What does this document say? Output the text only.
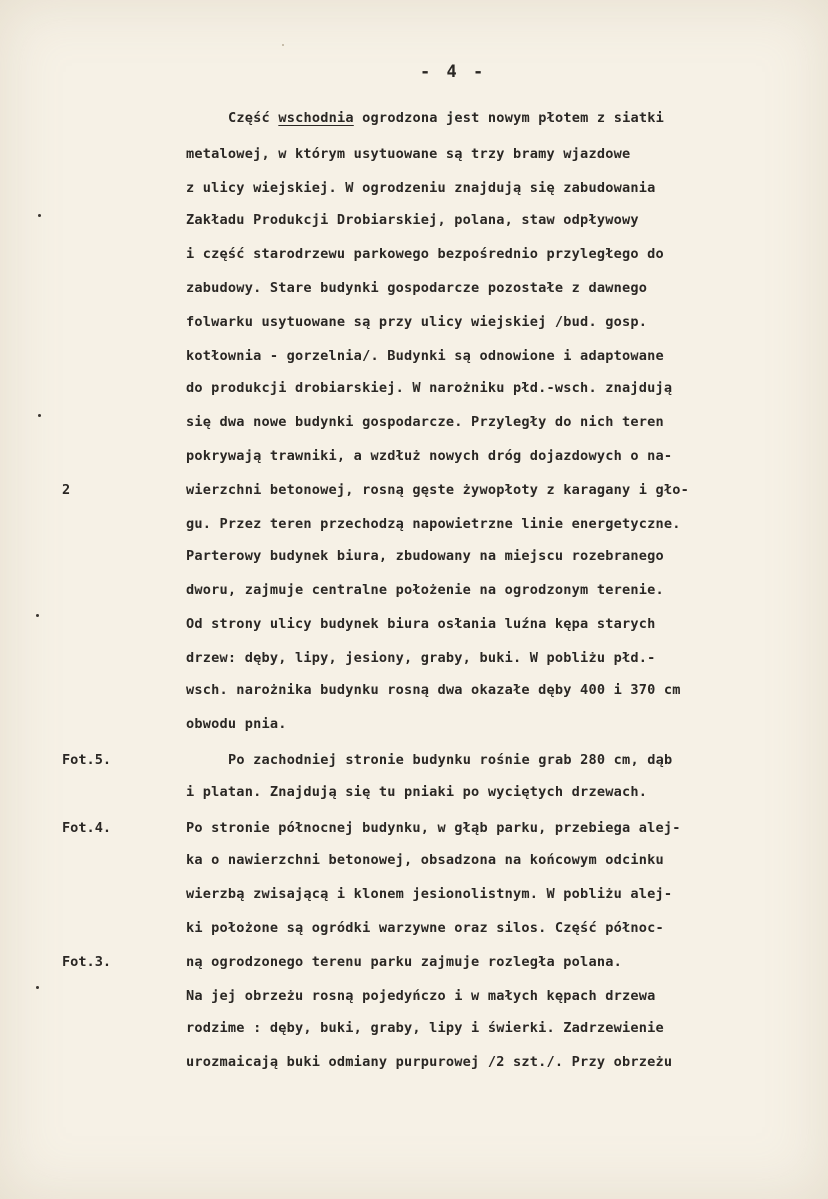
- 4 -
Część wschodnia ogrodzona jest nowym płotem z siatki
metalowej, w którym usytuowane są trzy bramy wjazdowe
z ulicy wiejskiej. W ogrodzeniu znajdują się zabudowania
Zakładu Produkcji Drobiarskiej, polana, staw odpływowy
i część starodrzewu parkowego bezpośrednio przyległego do
zabudowy. Stare budynki gospodarcze pozostałe z dawnego
folwarku usytuowane są przy ulicy wiejskiej /bud. gosp.
kotłownia - gorzelnia/. Budynki są odnowione i adaptowane
do produkcji drobiarskiej. W narożniku płd.-wsch. znajdują
się dwa nowe budynki gospodarcze. Przyległy do nich teren
pokrywają trawniki, a wzdłuż nowych dróg dojazdowych o na-
2	wierzchni betonowej, rosną gęste żywopłoty z karagany i gło-
gu. Przez teren przechodzą napowietrzne linie energetyczne.
Parterowy budynek biura, zbudowany na miejscu rozebranego
dworu, zajmuje centralne położenie na ogrodzonym terenie.
Od strony ulicy budynek biura osłania luźna kępa starych
drzew: dęby, lipy, jesiony, graby, buki. W pobliżu płd.-
wsch. narożnika budynku rosną dwa okazałe dęby 400 i 370 cm
obwodu pnia.
Fot.5.	Po zachodniej stronie budynku rośnie grab 280 cm, dąb
i platan. Znajdują się tu pniaki po wyciętych drzewach.
Fot.4.	Po stronie północnej budynku, w głąb parku, przebiega alej-
ka o nawierzchni betonowej, obsadzona na końcowym odcinku
wierzbą zwisającą i klonem jesionolistnym. W pobliżu alej-
ki położone są ogródki warzywne oraz silos. Część północ-
Fot.3.	ną ogrodzonego terenu parku zajmuje rozległa polana.
Na jej obrzeżu rosną pojedyńczo i w małych kępach drzewa
rodzime : dęby, buki, graby, lipy i świerki. Zadrzewienie
urozmaicają buki odmiany purpurowej /2 szt./. Przy obrzeżu
